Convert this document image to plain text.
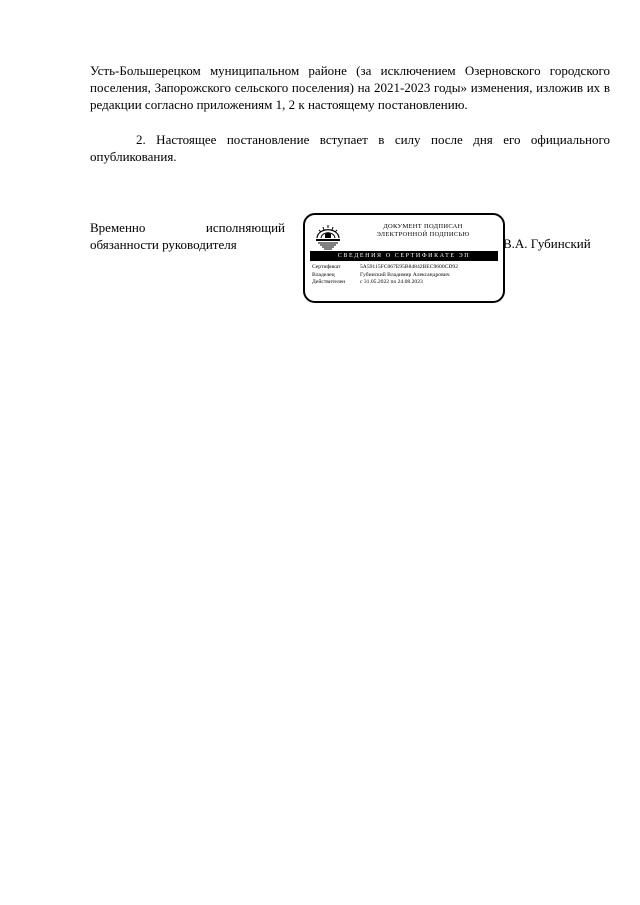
Усть-Большерецком муниципальном районе (за исключением Озерновского городского поселения, Запорожского сельского поселения) на 2021-2023 годы» изменения, изложив их в редакции согласно приложениям 1, 2 к настоящему постановлению.

2. Настоящее постановление вступает в силу после дня его официального опубликования.

Временно	исполняющий
обязанности руководителя
ДОКУМЕНТ ПОДПИСАН
ЭЛЕКТРОННОЙ ПОДПИСЬЮ
СВЕДЕНИЯ О СЕРТИФИКАТЕ ЭП
Сертификат	5A59115FC067E95B84842BEC9600CD92
Владелец	Губинский Владимир Александрович
Действителен	с 31.05.2022 по 24.08.2023
В.А. Губинский
